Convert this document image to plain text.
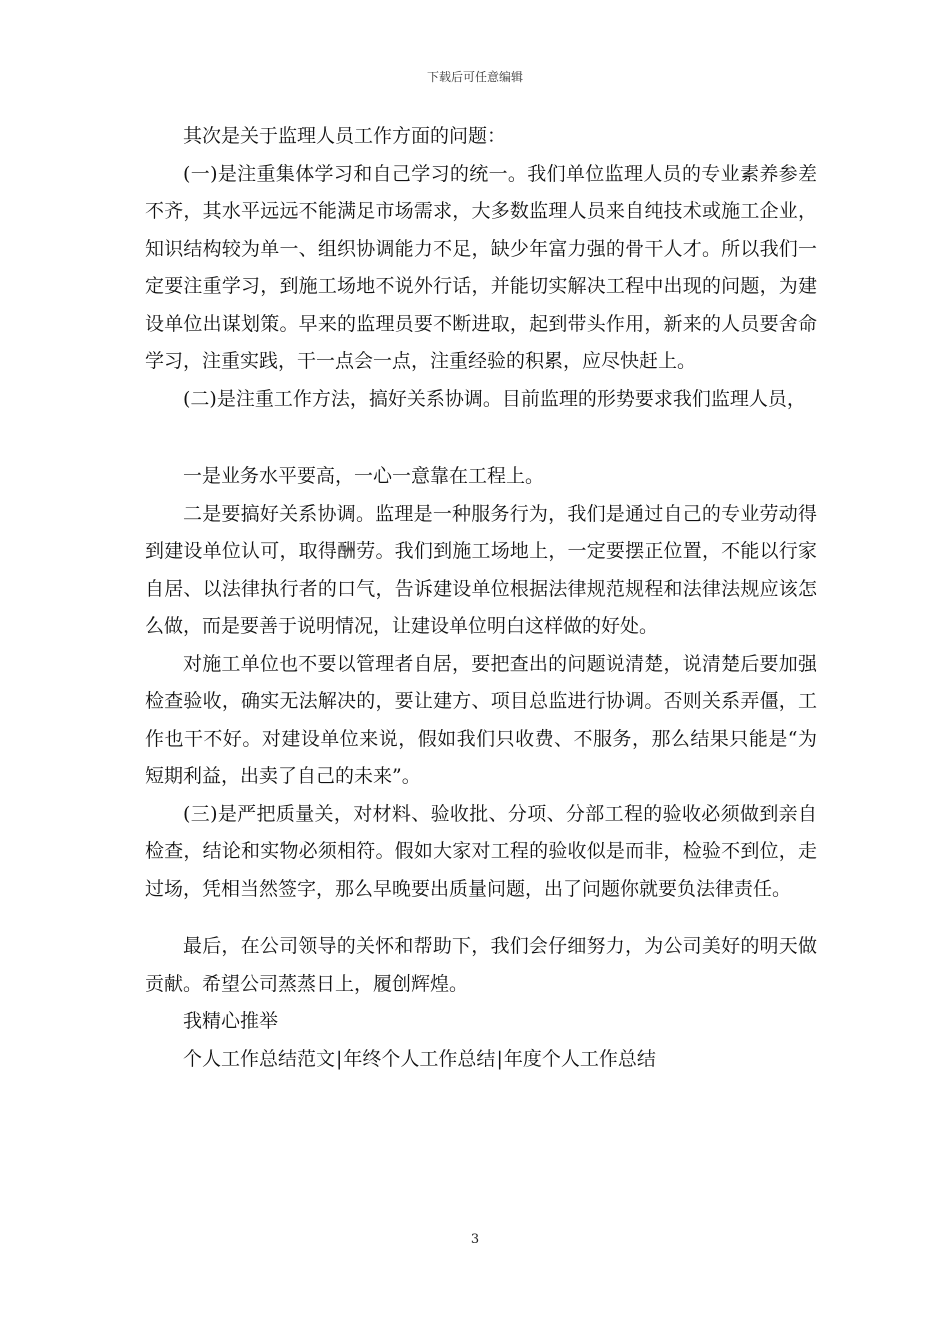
下载后可任意编辑

其次是关于监理人员工作方面的问题：

(一)是注重集体学习和自己学习的统一。我们单位监理人员的专业素养参差不齐，其水平远远不能满足市场需求，大多数监理人员来自纯技术或施工企业，知识结构较为单一、组织协调能力不足，缺少年富力强的骨干人才。所以我们一定要注重学习，到施工场地不说外行话，并能切实解决工程中出现的问题，为建设单位出谋划策。早来的监理员要不断进取，起到带头作用，新来的人员要舍命学习，注重实践，干一点会一点，注重经验的积累，应尽快赶上。

(二)是注重工作方法，搞好关系协调。目前监理的形势要求我们监理人员，

一是业务水平要高，一心一意靠在工程上。

二是要搞好关系协调。监理是一种服务行为，我们是通过自己的专业劳动得到建设单位认可，取得酬劳。我们到施工场地上，一定要摆正位置，不能以行家自居、以法律执行者的口气，告诉建设单位根据法律规范规程和法律法规应该怎么做，而是要善于说明情况，让建设单位明白这样做的好处。

对施工单位也不要以管理者自居，要把查出的问题说清楚，说清楚后要加强检查验收，确实无法解决的，要让建方、项目总监进行协调。否则关系弄僵，工作也干不好。对建设单位来说，假如我们只收费、不服务，那么结果只能是“为短期利益，出卖了自己的未来”。

(三)是严把质量关，对材料、验收批、分项、分部工程的验收必须做到亲自检查，结论和实物必须相符。假如大家对工程的验收似是而非，检验不到位，走过场，凭相当然签字，那么早晚要出质量问题，出了问题你就要负法律责任。

最后，在公司领导的关怀和帮助下，我们会仔细努力，为公司美好的明天做贡献。希望公司蒸蒸日上，履创辉煌。

我精心推举

个人工作总结范文|年终个人工作总结|年度个人工作总结

3
